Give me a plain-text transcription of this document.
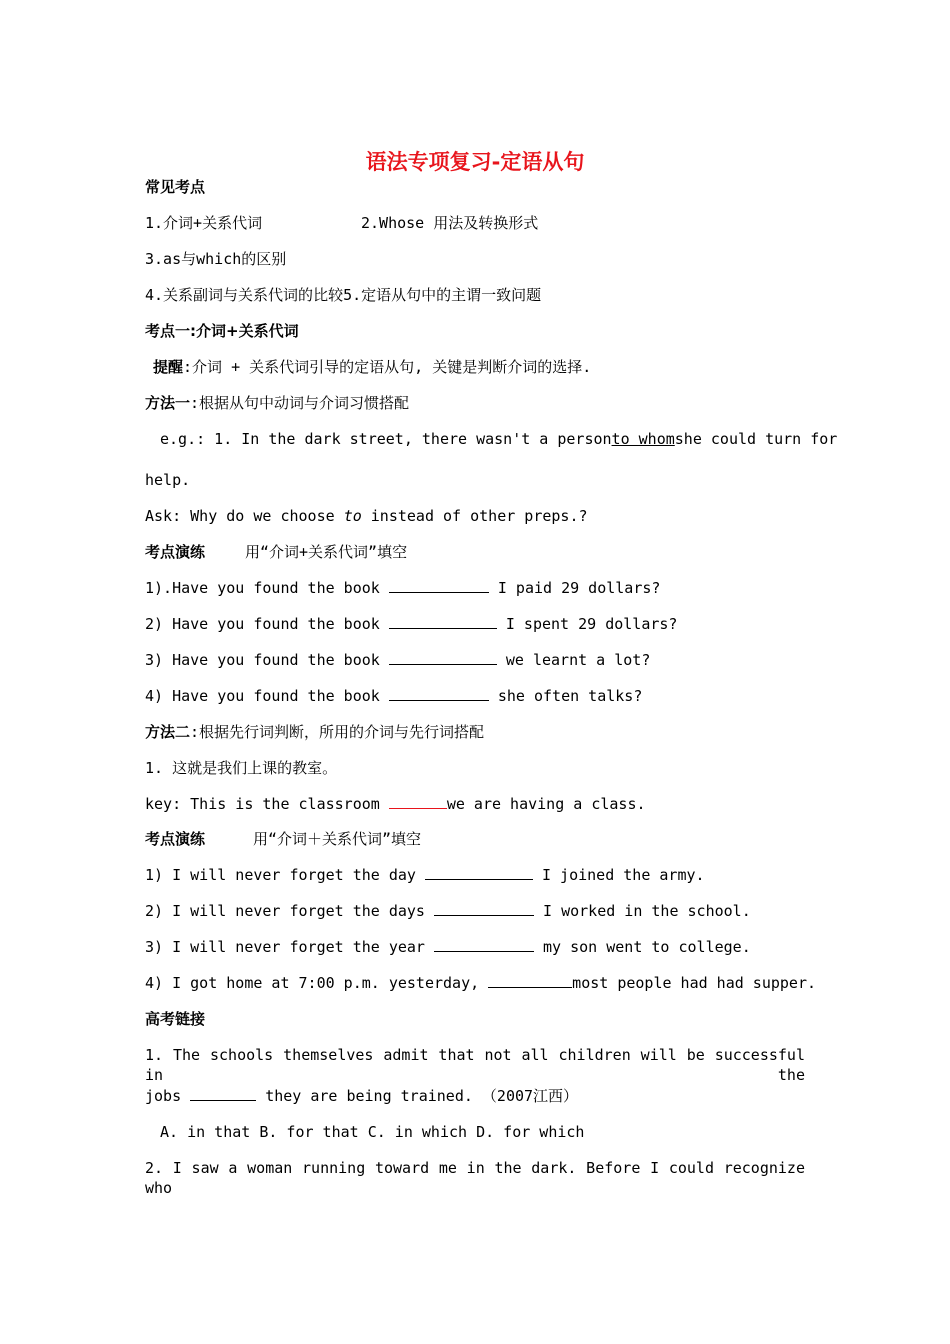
语法专项复习-定语从句
常见考点
1.介词+关系代词	2.Whose 用法及转换形式
3.as与which的区别
4.关系副词与关系代词的比较5.定语从句中的主谓一致问题
考点一:介词+关系代词
提醒:介词 + 关系代词引导的定语从句, 关键是判断介词的选择.
方法一:根据从句中动词与介词习惯搭配
e.g.: 1. In the dark street, there wasn't a person to whom she could turn for
help.
Ask: Why do we choose to instead of other preps.?
考点演练	用“介词+关系代词”填空
1).Have you found the book	I paid 29 dollars?
2) Have you found the book	I spent 29 dollars?
3) Have you found the book	we learnt a lot?
4) Have you found the book	she often talks?
方法二:根据先行词判断，所用的介词与先行词搭配
1. 这就是我们上课的教室。
key: This is the classroom	we are having a class.
考点演练	用“介词＋关系代词”填空
1) I will never forget the day	I joined the army.
2) I will never forget the days	I worked in the school.
3) I will never forget the year	my son went to college.
4) I got home at 7:00 p.m. yesterday,	most people had had supper.
高考链接
1. The schools themselves admit that not all children will be successful in the
jobs	they are being trained. （2007江西）
A. in that B. for that C. in which D. for which
2. I saw a woman running toward me in the dark. Before I could recognize who
